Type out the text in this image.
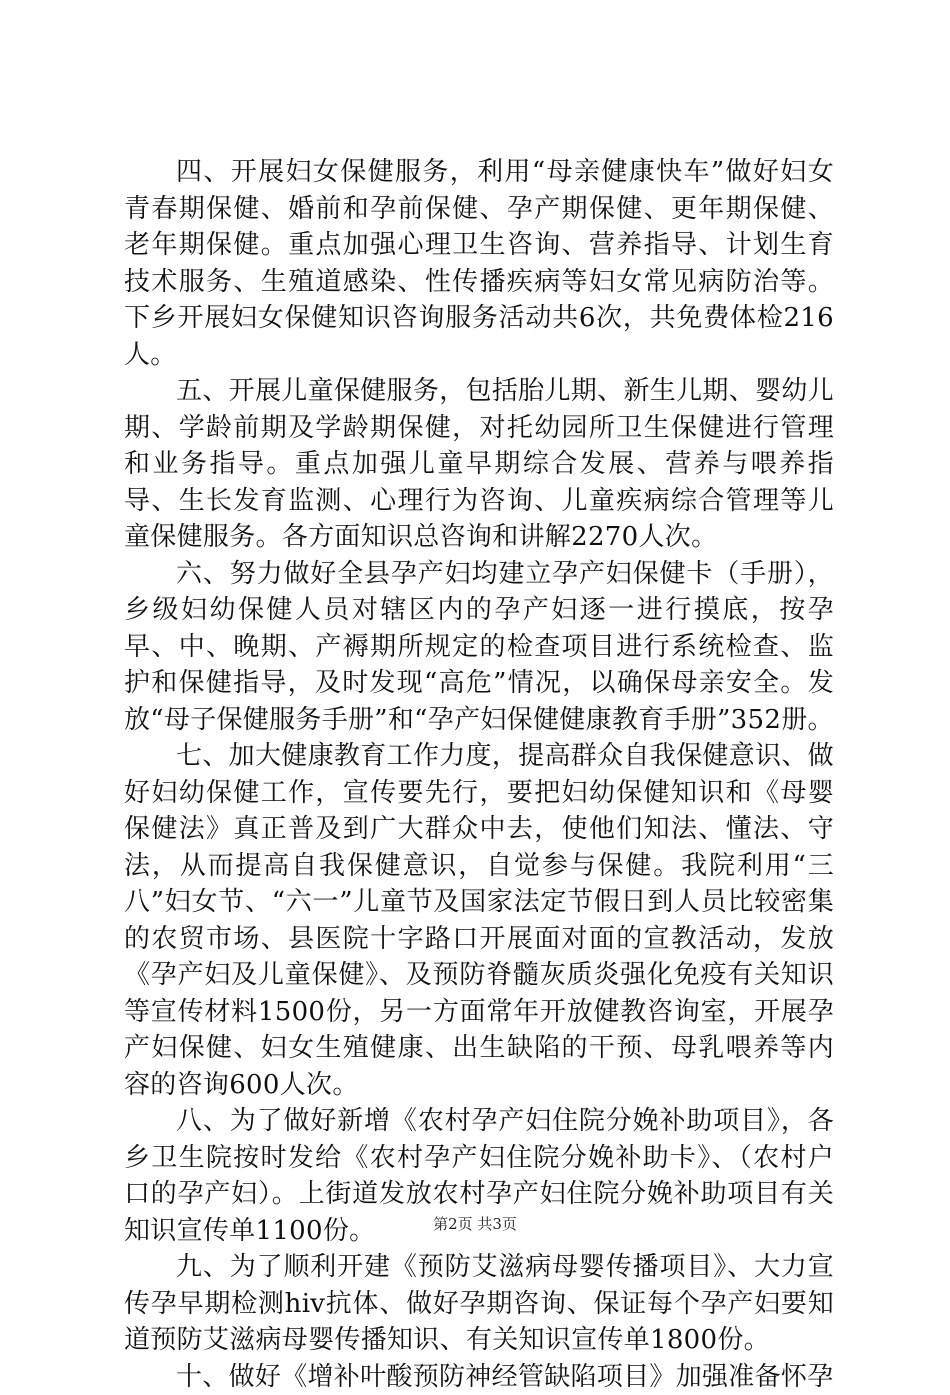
四、开展妇女保健服务，利用“母亲健康快车”做好妇女青春期保健、婚前和孕前保健、孕产期保健、更年期保健、老年期保健。重点加强心理卫生咨询、营养指导、计划生育技术服务、生殖道感染、性传播疾病等妇女常见病防治等。下乡开展妇女保健知识咨询服务活动共6次，共免费体检216人。

五、开展儿童保健服务，包括胎儿期、新生儿期、婴幼儿期、学龄前期及学龄期保健，对托幼园所卫生保健进行管理和业务指导。重点加强儿童早期综合发展、营养与喂养指导、生长发育监测、心理行为咨询、儿童疾病综合管理等儿童保健服务。各方面知识总咨询和讲解2270人次。

六、努力做好全县孕产妇均建立孕产妇保健卡（手册），乡级妇幼保健人员对辖区内的孕产妇逐一进行摸底，按孕早、中、晚期、产褥期所规定的检查项目进行系统检查、监护和保健指导，及时发现“高危”情况，以确保母亲安全。发放“母子保健服务手册”和“孕产妇保健健康教育手册”352册。

七、加大健康教育工作力度，提高群众自我保健意识、做好妇幼保健工作，宣传要先行，要把妇幼保健知识和《母婴保健法》真正普及到广大群众中去，使他们知法、懂法、守法，从而提高自我保健意识，自觉参与保健。我院利用“三八”妇女节、“六一”儿童节及国家法定节假日到人员比较密集的农贸市场、县医院十字路口开展面对面的宣教活动，发放《孕产妇及儿童保健》、及预防脊髓灰质炎强化免疫有关知识等宣传材料1500份，另一方面常年开放健教咨询室，开展孕产妇保健、妇女生殖健康、出生缺陷的干预、母乳喂养等内容的咨询600人次。

八、为了做好新增《农村孕产妇住院分娩补助项目》，各乡卫生院按时发给《农村孕产妇住院分娩补助卡》、（农村户口的孕产妇）。上街道发放农村孕产妇住院分娩补助项目有关知识宣传单1100份。

九、为了顺利开建《预防艾滋病母婴传播项目》、大力宣传孕早期检测hiv抗体、做好孕期咨询、保证每个孕产妇要知道预防艾滋病母婴传播知识、有关知识宣传单1800份。

十、做好《增补叶酸预防神经管缺陷项目》加强准备怀孕

第2页 共3页
